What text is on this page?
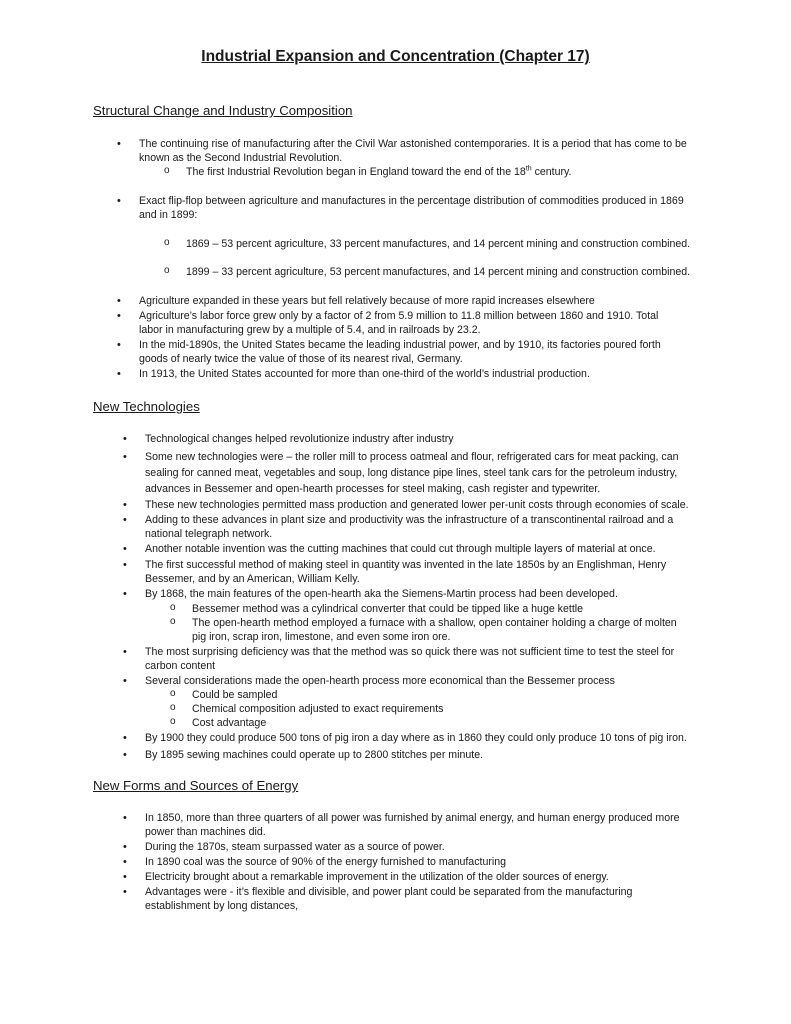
Industrial Expansion and Concentration (Chapter 17)
Structural Change and Industry Composition
• The continuing rise of manufacturing after the Civil War astonished contemporaries. It is a period that has come to be known as the Second Industrial Revolution.
o The first Industrial Revolution began in England toward the end of the 18th century.
• Exact flip-flop between agriculture and manufactures in the percentage distribution of commodities produced in 1869 and in 1899:
o 1869 – 53 percent agriculture, 33 percent manufactures, and 14 percent mining and construction combined.
o 1899 – 33 percent agriculture, 53 percent manufactures, and 14 percent mining and construction combined.
• Agriculture expanded in these years but fell relatively because of more rapid increases elsewhere
• Agriculture’s labor force grew only by a factor of 2 from 5.9 million to 11.8 million between 1860 and 1910. Total labor in manufacturing grew by a multiple of 5.4, and in railroads by 23.2.
• In the mid-1890s, the United States became the leading industrial power, and by 1910, its factories poured forth goods of nearly twice the value of those of its nearest rival, Germany.
• In 1913, the United States accounted for more than one-third of the world’s industrial production.
New Technologies
• Technological changes helped revolutionize industry after industry
• Some new technologies were – the roller mill to process oatmeal and flour, refrigerated cars for meat packing, can sealing for canned meat, vegetables and soup, long distance pipe lines, steel tank cars for the petroleum industry, advances in Bessemer and open-hearth processes for steel making, cash register and typewriter.
• These new technologies permitted mass production and generated lower per-unit costs through economies of scale.
• Adding to these advances in plant size and productivity was the infrastructure of a transcontinental railroad and a national telegraph network.
• Another notable invention was the cutting machines that could cut through multiple layers of material at once.
• The first successful method of making steel in quantity was invented in the late 1850s by an Englishman, Henry Bessemer, and by an American, William Kelly.
• By 1868, the main features of the open-hearth aka the Siemens-Martin process had been developed.
o Bessemer method was a cylindrical converter that could be tipped like a huge kettle
o The open-hearth method employed a furnace with a shallow, open container holding a charge of molten pig iron, scrap iron, limestone, and even some iron ore.
• The most surprising deficiency was that the method was so quick there was not sufficient time to test the steel for carbon content
• Several considerations made the open-hearth process more economical than the Bessemer process
o Could be sampled
o Chemical composition adjusted to exact requirements
o Cost advantage
• By 1900 they could produce 500 tons of pig iron a day where as in 1860 they could only produce 10 tons of pig iron.
• By 1895 sewing machines could operate up to 2800 stitches per minute.
New Forms and Sources of Energy
• In 1850, more than three quarters of all power was furnished by animal energy, and human energy produced more power than machines did.
• During the 1870s, steam surpassed water as a source of power.
• In 1890 coal was the source of 90% of the energy furnished to manufacturing
• Electricity brought about a remarkable improvement in the utilization of the older sources of energy.
• Advantages were - it’s flexible and divisible, and power plant could be separated from the manufacturing establishment by long distances,
